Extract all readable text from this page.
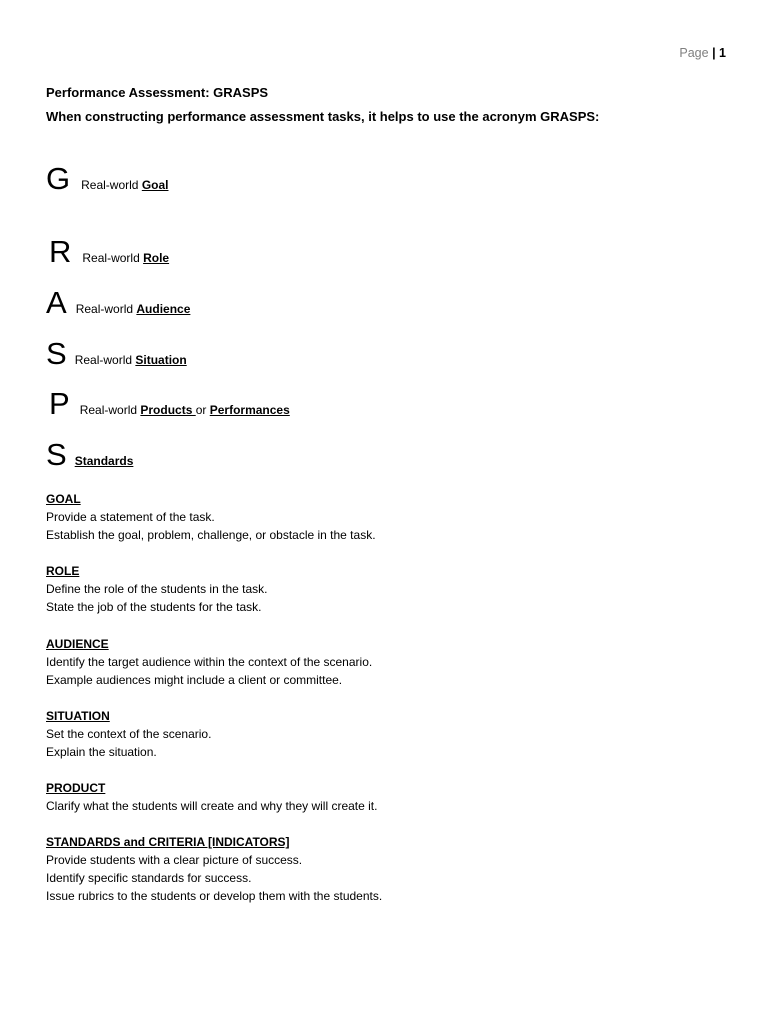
Page | 1
Performance Assessment: GRASPS
When constructing performance assessment tasks, it helps to use the acronym GRASPS:
G Real-world Goal
R Real-world Role
A Real-world Audience
S Real-world Situation
P Real-world Products or Performances
S Standards
GOAL
Provide a statement of the task.
Establish the goal, problem, challenge, or obstacle in the task.
ROLE
Define the role of the students in the task.
State the job of the students for the task.
AUDIENCE
Identify the target audience within the context of the scenario.
Example audiences might include a client or committee.
SITUATION
Set the context of the scenario.
Explain the situation.
PRODUCT
Clarify what the students will create and why they will create it.
STANDARDS and CRITERIA [INDICATORS]
Provide students with a clear picture of success.
Identify specific standards for success.
Issue rubrics to the students or develop them with the students.
